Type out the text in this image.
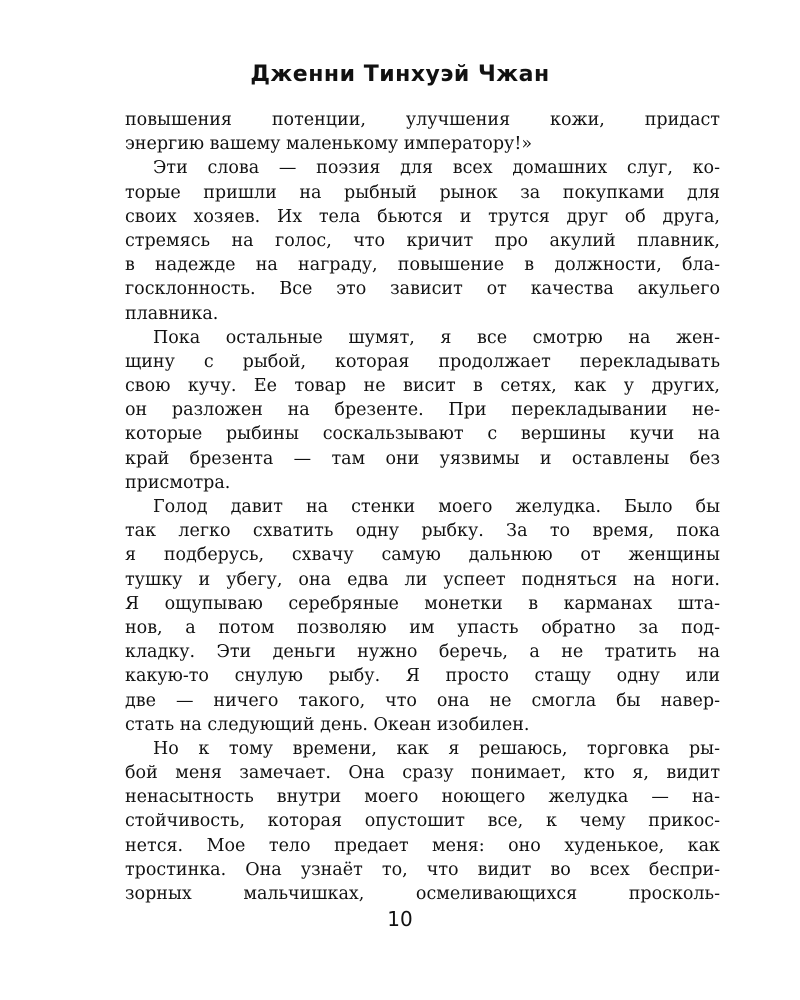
Дженни Тинхуэй Чжан
повышения потенции, улучшения кожи, придаст
энергию вашему маленькому императору!»
Эти слова — поэзия для всех домашних слуг, ко-
торые пришли на рыбный рынок за покупками для
своих хозяев. Их тела бьются и трутся друг об друга,
стремясь на голос, что кричит про акулий плавник,
в надежде на награду, повышение в должности, бла-
госклонность. Все это зависит от качества акульего
плавника.
Пока остальные шумят, я все смотрю на жен-
щину с рыбой, которая продолжает перекладывать
свою кучу. Ее товар не висит в сетях, как у других,
он разложен на брезенте. При перекладывании не-
которые рыбины соскальзывают с вершины кучи на
край брезента — там они уязвимы и оставлены без
присмотра.
Голод давит на стенки моего желудка. Было бы
так легко схватить одну рыбку. За то время, пока
я подберусь, схвачу самую дальнюю от женщины
тушку и убегу, она едва ли успеет подняться на ноги.
Я ощупываю серебряные монетки в карманах шта-
нов, а потом позволяю им упасть обратно за под-
кладку. Эти деньги нужно беречь, а не тратить на
какую-то снулую рыбу. Я просто стащу одну или
две — ничего такого, что она не смогла бы навер-
стать на следующий день. Океан изобилен.
Но к тому времени, как я решаюсь, торговка ры-
бой меня замечает. Она сразу понимает, кто я, видит
ненасытность внутри моего ноющего желудка — на-
стойчивость, которая опустошит все, к чему прикос-
нется. Мое тело предает меня: оно худенькое, как
тростинка. Она узнаёт то, что видит во всех беспри-
зорных мальчишках, осмеливающихся просколь-
10
